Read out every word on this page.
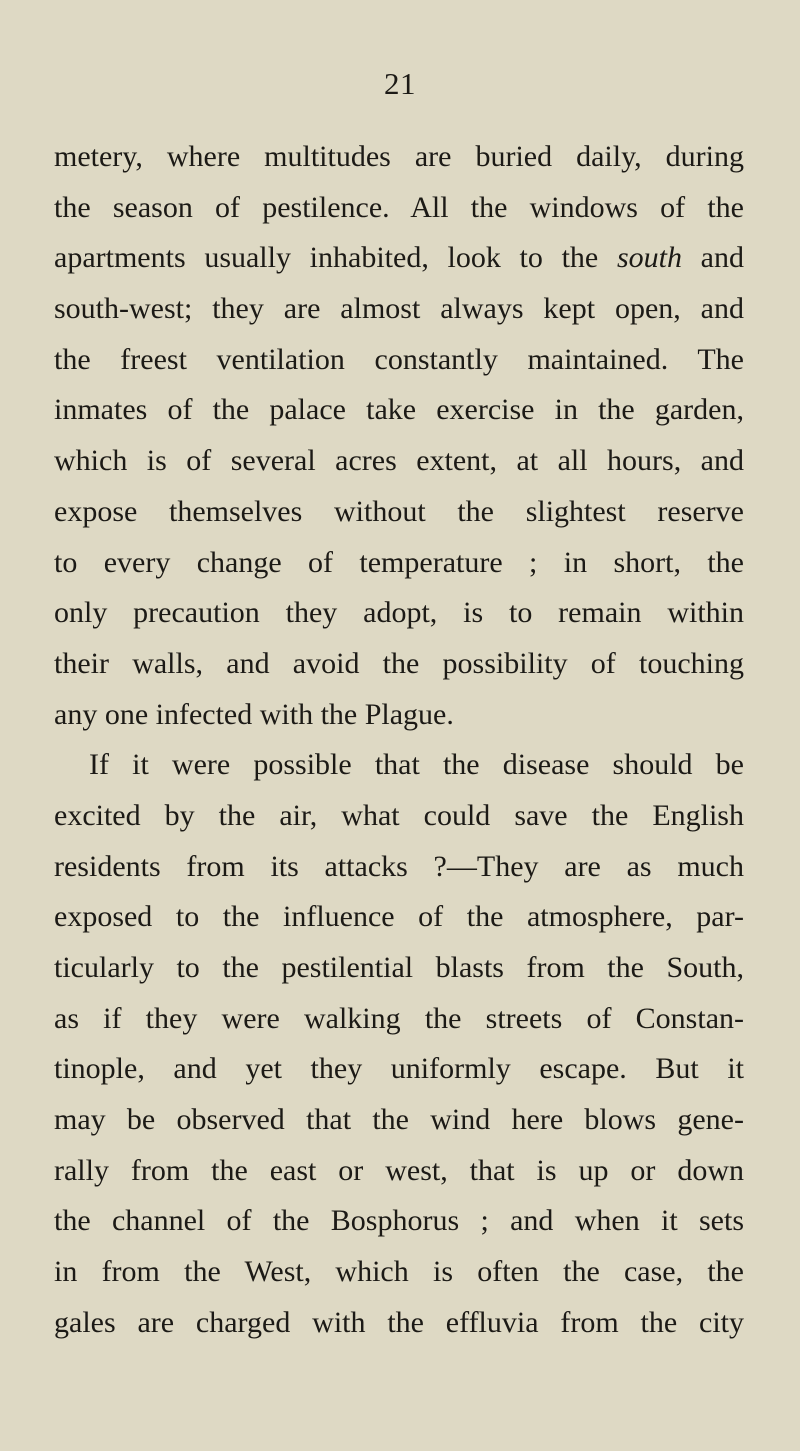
21
metery, where multitudes are buried daily, during
the season of pestilence. All the windows of the
apartments usually inhabited, look to the south and
south-west; they are almost always kept open, and
the freest ventilation constantly maintained. The
inmates of the palace take exercise in the garden,
which is of several acres extent, at all hours, and
expose themselves without the slightest reserve
to every change of temperature ; in short, the
only precaution they adopt, is to remain within
their walls, and avoid the possibility of touching
any one infected with the Plague.
If it were possible that the disease should be
excited by the air, what could save the English
residents from its attacks ?—They are as much
exposed to the influence of the atmosphere, par-
ticularly to the pestilential blasts from the South,
as if they were walking the streets of Constan-
tinople, and yet they uniformly escape. But it
may be observed that the wind here blows gene-
rally from the east or west, that is up or down
the channel of the Bosphorus ; and when it sets
in from the West, which is often the case, the
gales are charged with the effluvia from the city
